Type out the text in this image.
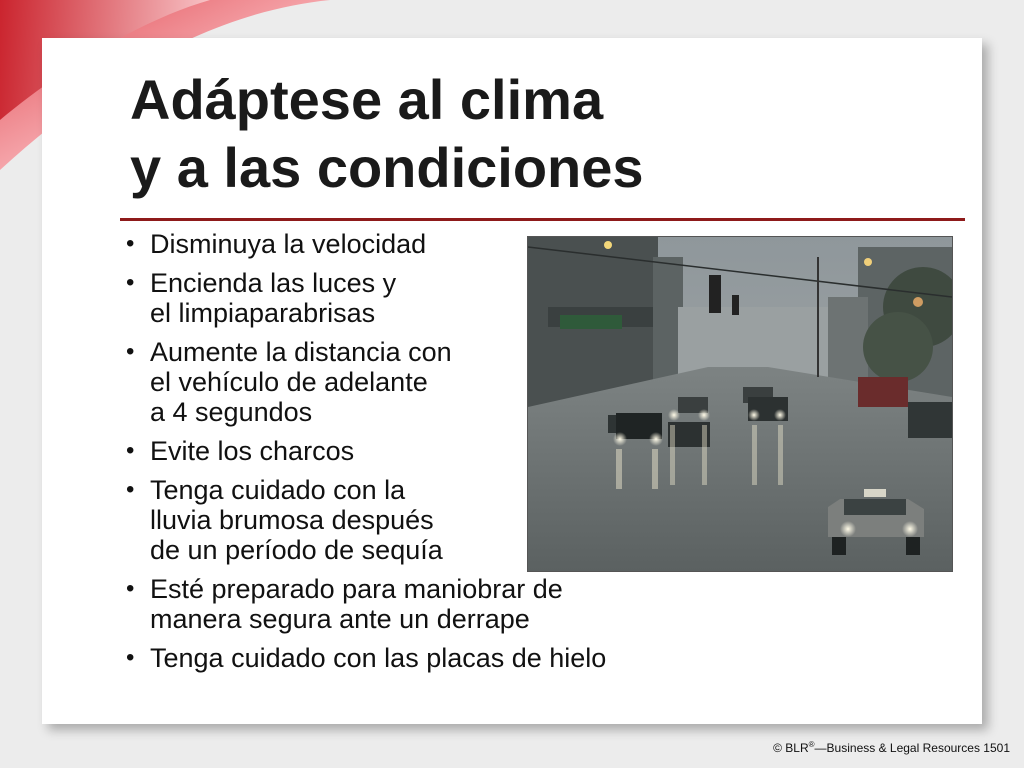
Adáptese al clima
y a las condiciones
• Disminuya la velocidad
• Encienda las luces y
el limpiaparabrisas
• Aumente la distancia con
el vehículo de adelante
a 4 segundos
• Evite los charcos
• Tenga cuidado con la
lluvia brumosa después
de un período de sequía
• Esté preparado para maniobrar de
manera segura ante un derrape
• Tenga cuidado con las placas de hielo
© BLR®—Business & Legal Resources 1501
